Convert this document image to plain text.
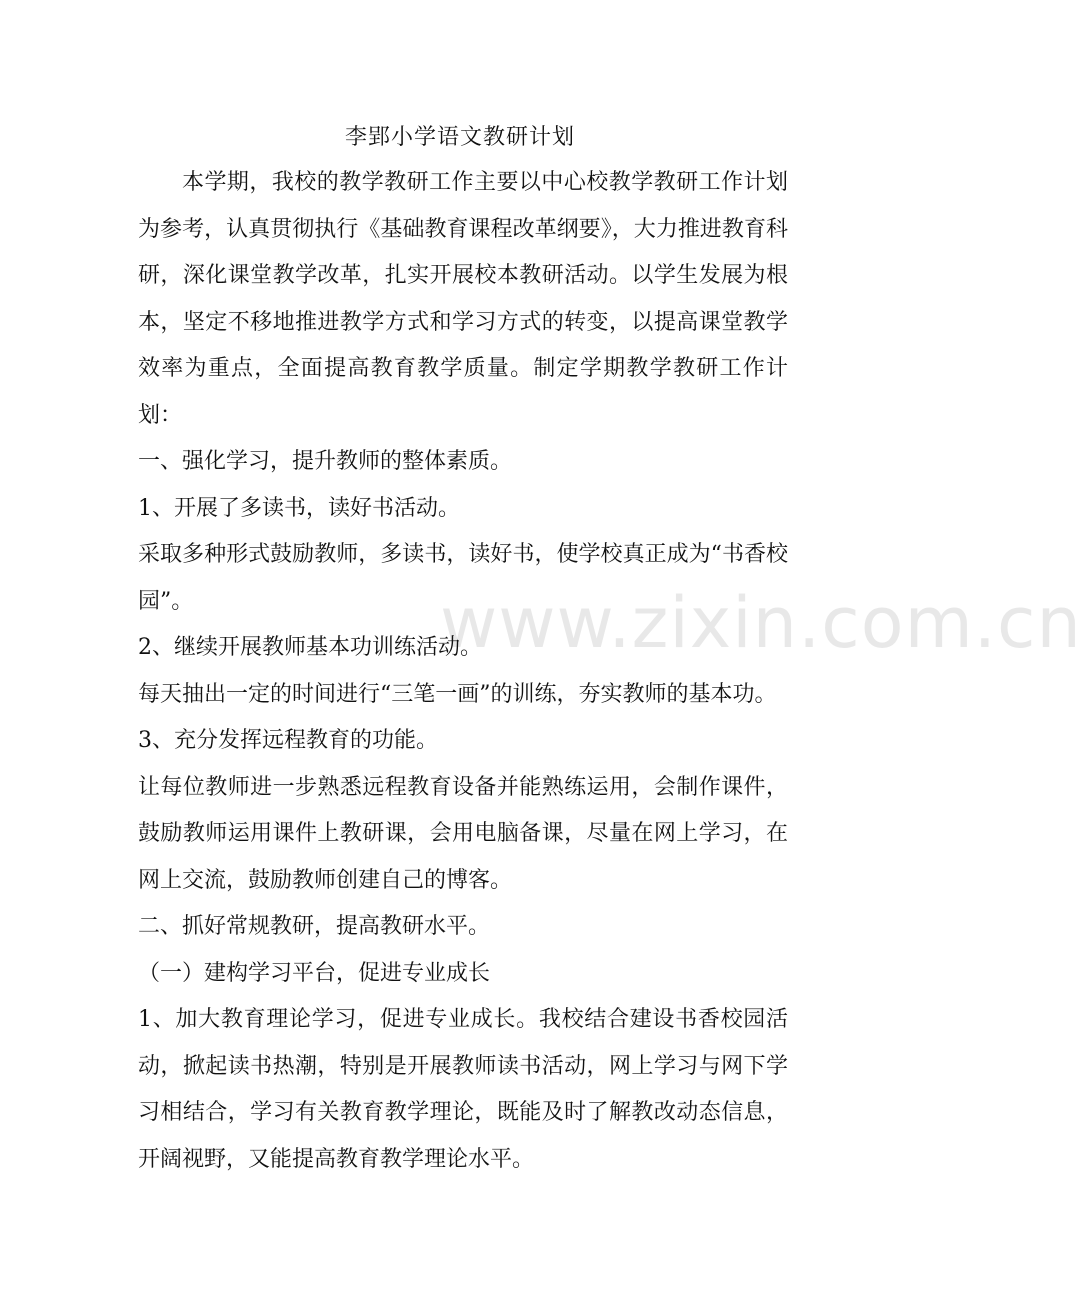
www.zixin.com.cn
李郢小学语文教研计划

本学期，我校的教学教研工作主要以中心校教学教研工作计划为参考，认真贯彻执行《基础教育课程改革纲要》，大力推进教育科研，深化课堂教学改革，扎实开展校本教研活动。以学生发展为根本，坚定不移地推进教学方式和学习方式的转变，以提高课堂教学效率为重点，全面提高教育教学质量。制定学期教学教研工作计划：

一、强化学习，提升教师的整体素质。

1、开展了多读书，读好书活动。

采取多种形式鼓励教师，多读书，读好书，使学校真正成为“书香校园”。

2、继续开展教师基本功训练活动。

每天抽出一定的时间进行“三笔一画”的训练，夯实教师的基本功。

3、充分发挥远程教育的功能。

让每位教师进一步熟悉远程教育设备并能熟练运用，会制作课件，鼓励教师运用课件上教研课，会用电脑备课，尽量在网上学习，在网上交流，鼓励教师创建自己的博客。

二、抓好常规教研，提高教研水平。

（一）建构学习平台，促进专业成长

1、加大教育理论学习，促进专业成长。我校结合建设书香校园活动，掀起读书热潮，特别是开展教师读书活动，网上学习与网下学习相结合，学习有关教育教学理论，既能及时了解教改动态信息，开阔视野，又能提高教育教学理论水平。
